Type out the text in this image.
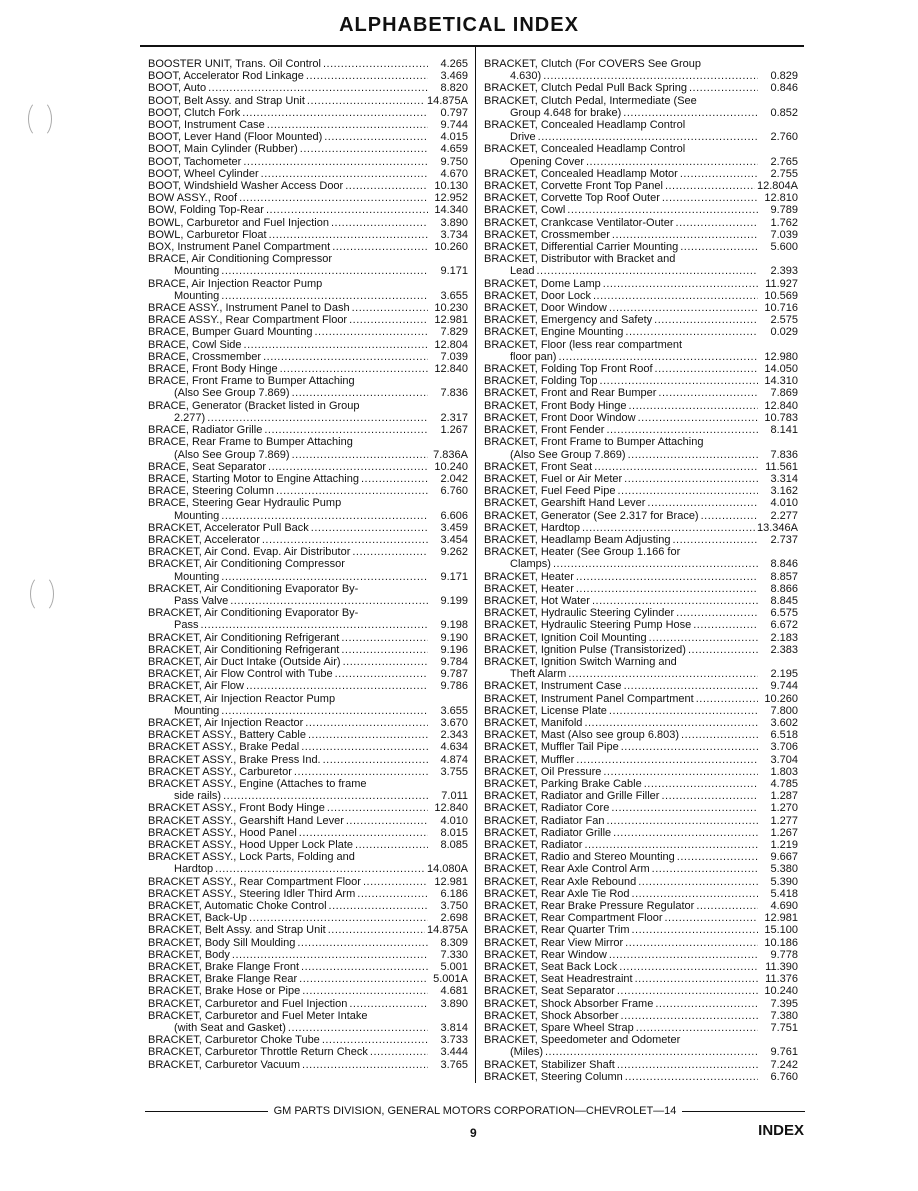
ALPHABETICAL INDEX
BOOSTER UNIT, Trans. Oil Control .....	4.265
BOOT, Accelerator Rod Linkage .....	3.469
BOOT, Auto .....	8.820
BOOT, Belt Assy. and Strap Unit .....	14.875A
BOOT, Clutch Fork .....	0.797
BOOT, Instrument Case .....	9.744
BOOT, Lever Hand (Floor Mounted) .....	4.015
BOOT, Main Cylinder (Rubber) .....	4.659
BOOT, Tachometer .....	9.750
BOOT, Wheel Cylinder .....	4.670
BOOT, Windshield Washer Access Door .....	10.130
BOW ASSY., Roof .....	12.952
BOW, Folding Top-Rear .....	14.340
BOWL, Carburetor and Fuel Injection .....	3.890
BOWL, Carburetor Float .....	3.734
BOX, Instrument Panel Compartment .....	10.260
BRACE, Air Conditioning Compressor
Mounting .....	9.171
BRACE, Air Injection Reactor Pump
Mounting .....	3.655
BRACE ASSY., Instrument Panel to Dash .....	10.230
BRACE ASSY., Rear Compartment Floor .....	12.981
BRACE, Bumper Guard Mounting .....	7.829
BRACE, Cowl Side .....	12.804
BRACE, Crossmember .....	7.039
BRACE, Front Body Hinge .....	12.840
BRACE, Front Frame to Bumper Attaching
(Also See Group 7.869) .....	7.836
BRACE, Generator (Bracket listed in Group
2.277) .....	2.317
BRACE, Radiator Grille .....	1.267
BRACE, Rear Frame to Bumper Attaching
(Also See Group 7.869) .....	7.836A
BRACE, Seat Separator .....	10.240
BRACE, Starting Motor to Engine Attaching .....	2.042
BRACE, Steering Column .....	6.760
BRACE, Steering Gear Hydraulic Pump
Mounting .....	6.606
BRACKET, Accelerator Pull Back .....	3.459
BRACKET, Accelerator .....	3.454
BRACKET, Air Cond. Evap. Air Distributor .....	9.262
BRACKET, Air Conditioning Compressor
Mounting .....	9.171
BRACKET, Air Conditioning Evaporator By-
Pass Valve .....	9.199
BRACKET, Air Conditioning Evaporator By-
Pass .....	9.198
BRACKET, Air Conditioning Refrigerant .....	9.190
BRACKET, Air Conditioning Refrigerant .....	9.196
BRACKET, Air Duct Intake (Outside Air) .....	9.784
BRACKET, Air Flow Control with Tube .....	9.787
BRACKET, Air Flow .....	9.786
BRACKET, Air Injection Reactor Pump
Mounting .....	3.655
BRACKET, Air Injection Reactor .....	3.670
BRACKET ASSY., Battery Cable .....	2.343
BRACKET ASSY., Brake Pedal .....	4.634
BRACKET ASSY., Brake Press Ind. .....	4.874
BRACKET ASSY., Carburetor .....	3.755
BRACKET ASSY., Engine (Attaches to frame
side rails) .....	7.011
BRACKET ASSY., Front Body Hinge .....	12.840
BRACKET ASSY., Gearshift Hand Lever .....	4.010
BRACKET ASSY., Hood Panel .....	8.015
BRACKET ASSY., Hood Upper Lock Plate .....	8.085
BRACKET ASSY., Lock Parts, Folding and
Hardtop .....	14.080A
BRACKET ASSY., Rear Compartment Floor .....	12.981
BRACKET ASSY., Steering Idler Third Arm .....	6.186
BRACKET, Automatic Choke Control .....	3.750
BRACKET, Back-Up .....	2.698
BRACKET, Belt Assy. and Strap Unit .....	14.875A
BRACKET, Body Sill Moulding .....	8.309
BRACKET, Body .....	7.330
BRACKET, Brake Flange Front .....	5.001
BRACKET, Brake Flange Rear .....	5.001A
BRACKET, Brake Hose or Pipe .....	4.681
BRACKET, Carburetor and Fuel Injection .....	3.890
BRACKET, Carburetor and Fuel Meter Intake
(with Seat and Gasket) .....	3.814
BRACKET, Carburetor Choke Tube .....	3.733
BRACKET, Carburetor Throttle Return Check .....	3.444
BRACKET, Carburetor Vacuum .....	3.765
BRACKET, Clutch (For COVERS See Group
4.630) .....	0.829
BRACKET, Clutch Pedal Pull Back Spring .....	0.846
BRACKET, Clutch Pedal, Intermediate (See
Group 4.648 for brake) .....	0.852
BRACKET, Concealed Headlamp Control
Drive .....	2.760
BRACKET, Concealed Headlamp Control
Opening Cover .....	2.765
BRACKET, Concealed Headlamp Motor .....	2.755
BRACKET, Corvette Front Top Panel .....	12.804A
BRACKET, Corvette Top Roof Outer .....	12.810
BRACKET, Cowl .....	9.789
BRACKET, Crankcase Ventilator-Outer .....	1.762
BRACKET, Crossmember .....	7.039
BRACKET, Differential Carrier Mounting .....	5.600
BRACKET, Distributor with Bracket and
Lead .....	2.393
BRACKET, Dome Lamp .....	11.927
BRACKET, Door Lock .....	10.569
BRACKET, Door Window .....	10.716
BRACKET, Emergency and Safety .....	2.575
BRACKET, Engine Mounting .....	0.029
BRACKET, Floor (less rear compartment
floor pan) .....	12.980
BRACKET, Folding Top Front Roof .....	14.050
BRACKET, Folding Top .....	14.310
BRACKET, Front and Rear Bumper .....	7.869
BRACKET, Front Body Hinge .....	12.840
BRACKET, Front Door Window .....	10.783
BRACKET, Front Fender .....	8.141
BRACKET, Front Frame to Bumper Attaching
(Also See Group 7.869) .....	7.836
BRACKET, Front Seat .....	11.561
BRACKET, Fuel or Air Meter .....	3.314
BRACKET, Fuel Feed Pipe .....	3.162
BRACKET, Gearshift Hand Lever .....	4.010
BRACKET, Generator (See 2.317 for Brace) .....	2.277
BRACKET, Hardtop .....	13.346A
BRACKET, Headlamp Beam Adjusting .....	2.737
BRACKET, Heater (See Group 1.166 for
Clamps) .....	8.846
BRACKET, Heater .....	8.857
BRACKET, Heater .....	8.866
BRACKET, Hot Water .....	8.845
BRACKET, Hydraulic Steering Cylinder .....	6.575
BRACKET, Hydraulic Steering Pump Hose .....	6.672
BRACKET, Ignition Coil Mounting .....	2.183
BRACKET, Ignition Pulse (Transistorized) .....	2.383
BRACKET, Ignition Switch Warning and
Theft Alarm .....	2.195
BRACKET, Instrument Case .....	9.744
BRACKET, Instrument Panel Compartment .....	10.260
BRACKET, License Plate .....	7.800
BRACKET, Manifold .....	3.602
BRACKET, Mast (Also see group 6.803) .....	6.518
BRACKET, Muffler Tail Pipe .....	3.706
BRACKET, Muffler .....	3.704
BRACKET, Oil Pressure .....	1.803
BRACKET, Parking Brake Cable .....	4.785
BRACKET, Radiator and Grille Filler .....	1.287
BRACKET, Radiator Core .....	1.270
BRACKET, Radiator Fan .....	1.277
BRACKET, Radiator Grille .....	1.267
BRACKET, Radiator .....	1.219
BRACKET, Radio and Stereo Mounting .....	9.667
BRACKET, Rear Axle Control Arm .....	5.380
BRACKET, Rear Axle Rebound .....	5.390
BRACKET, Rear Axle Tie Rod .....	5.418
BRACKET, Rear Brake Pressure Regulator .....	4.690
BRACKET, Rear Compartment Floor .....	12.981
BRACKET, Rear Quarter Trim .....	15.100
BRACKET, Rear View Mirror .....	10.186
BRACKET, Rear Window .....	9.778
BRACKET, Seat Back Lock .....	11.390
BRACKET, Seat Headrestraint .....	11.376
BRACKET, Seat Separator .....	10.240
BRACKET, Shock Absorber Frame .....	7.395
BRACKET, Shock Absorber .....	7.380
BRACKET, Spare Wheel Strap .....	7.751
BRACKET, Speedometer and Odometer
(Miles) .....	9.761
BRACKET, Stabilizer Shaft .....	7.242
BRACKET, Steering Column .....	6.760
GM PARTS DIVISION, GENERAL MOTORS CORPORATION—CHEVROLET—14
9	INDEX
